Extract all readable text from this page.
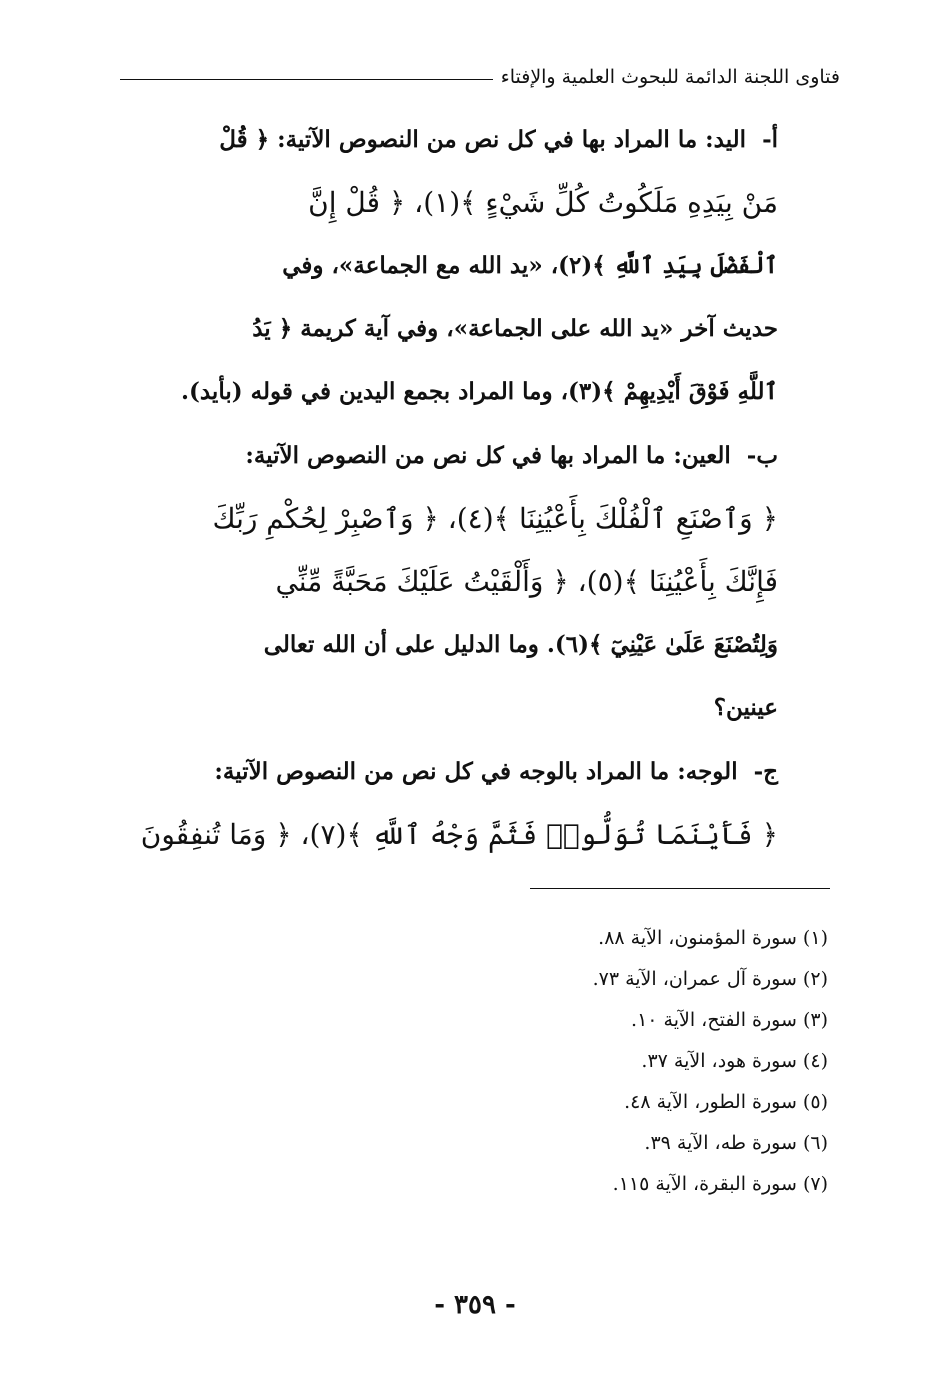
فتاوى اللجنة الدائمة للبحوث العلمية والإفتاء
أ-اليد: ما المراد بها في كل نص من النصوص الآتية: ﴿ قُلْ
مَنْ بِيَدِهِ مَلَكُوتُ كُلِّ شَيْءٍ ﴾(١)، ﴿ قُلْ إِنَّ
ٱلْفَضْلَ بِيَدِ ٱللَّهِ ﴾(٢)، «يد الله مع الجماعة»، وفي
حديث آخر «يد الله على الجماعة»، وفي آية كريمة ﴿ يَدُ
ٱللَّهِ فَوْقَ أَيْدِيهِمْ ﴾(٣)، وما المراد بجمع اليدين في قوله (بأيد).
ب-العين: ما المراد بها في كل نص من النصوص الآتية:
﴿ وَٱصْنَعِ ٱلْفُلْكَ بِأَعْيُنِنَا ﴾(٤)، ﴿ وَٱصْبِرْ لِحُكْمِ رَبِّكَ
فَإِنَّكَ بِأَعْيُنِنَا ﴾(٥)، ﴿ وَأَلْقَيْتُ عَلَيْكَ مَحَبَّةً مِّنِّي
وَلِتُصْنَعَ عَلَىٰ عَيْنِيٓ ﴾(٦). وما الدليل على أن الله تعالى
عينين؟
ج-الوجه: ما المراد بالوجه في كل نص من النصوص الآتية:
﴿ فَأَيْنَمَا تُوَلُّوا۟ فَثَمَّ وَجْهُ ٱللَّهِ ﴾(٧)، ﴿ وَمَا تُنفِقُونَ
(١) سورة المؤمنون، الآية ٨٨.
(٢) سورة آل عمران، الآية ٧٣.
(٣) سورة الفتح، الآية ١٠.
(٤) سورة هود، الآية ٣٧.
(٥) سورة الطور، الآية ٤٨.
(٦) سورة طه، الآية ٣٩.
(٧) سورة البقرة، الآية ١١٥.
- ٣٥٩ -
